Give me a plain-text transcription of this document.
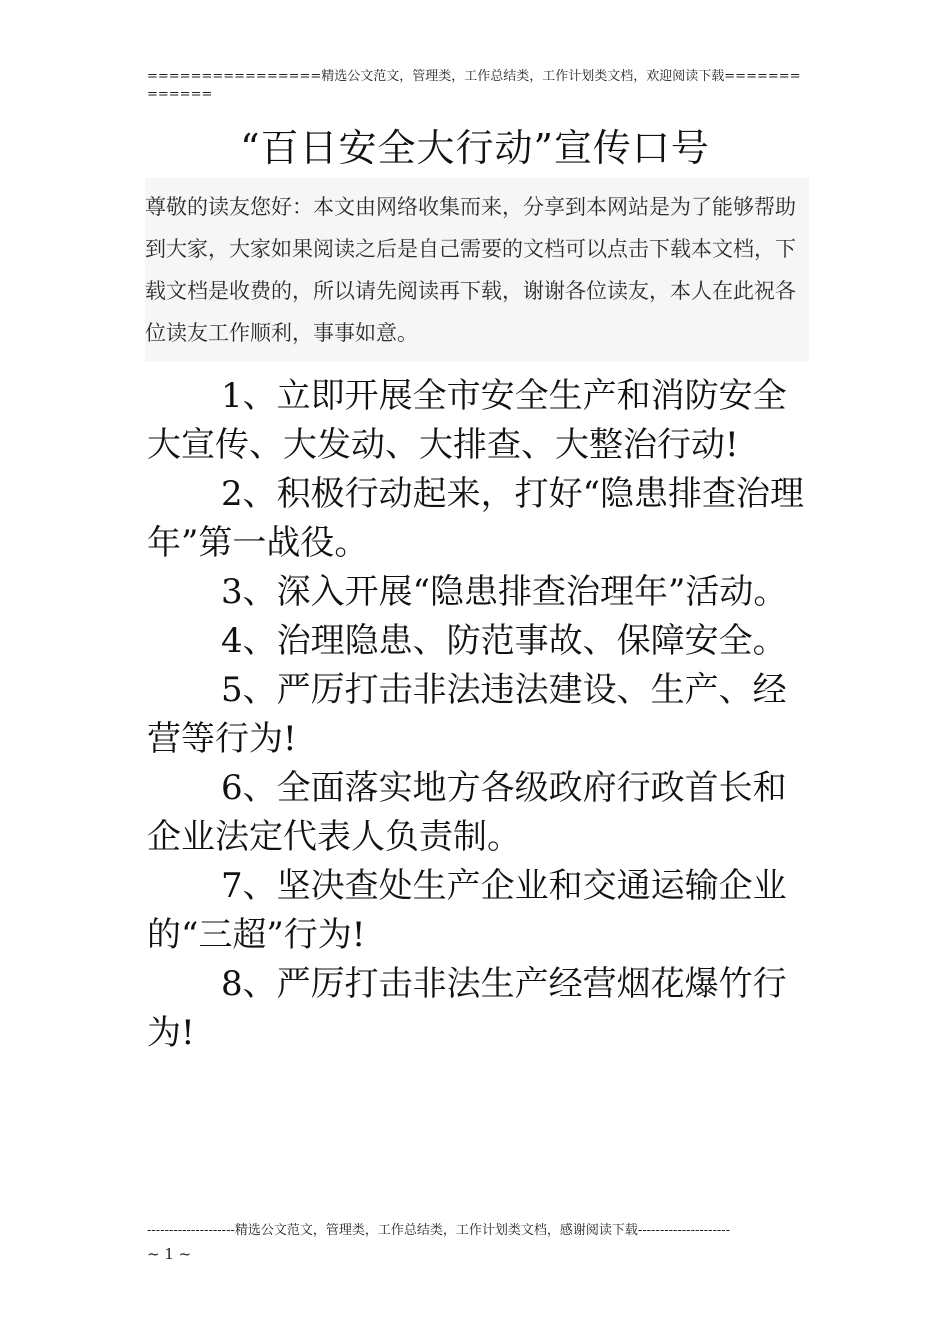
================精选公文范文，管理类，工作总结类，工作计划类文档，欢迎阅读下载=============
“百日安全大行动”宣传口号

尊敬的读友您好：本文由网络收集而来，分享到本网站是为了能够帮助到大家，大家如果阅读之后是自己需要的文档可以点击下载本文档，下载文档是收费的，所以请先阅读再下载，谢谢各位读友，本人在此祝各位读友工作顺利，事事如意。

1、立即开展全市安全生产和消防安全大宣传、大发动、大排查、大整治行动!
2、积极行动起来，打好“隐患排查治理年”第一战役。
3、深入开展“隐患排查治理年”活动。
4、治理隐患、防范事故、保障安全。
5、严厉打击非法违法建设、生产、经营等行为!
6、全面落实地方各级政府行政首长和企业法定代表人负责制。
7、坚决查处生产企业和交通运输企业的“三超”行为!
8、严厉打击非法生产经营烟花爆竹行为!
--------------------精选公文范文，管理类，工作总结类，工作计划类文档，感谢阅读下载---------------------
~ 1 ~
